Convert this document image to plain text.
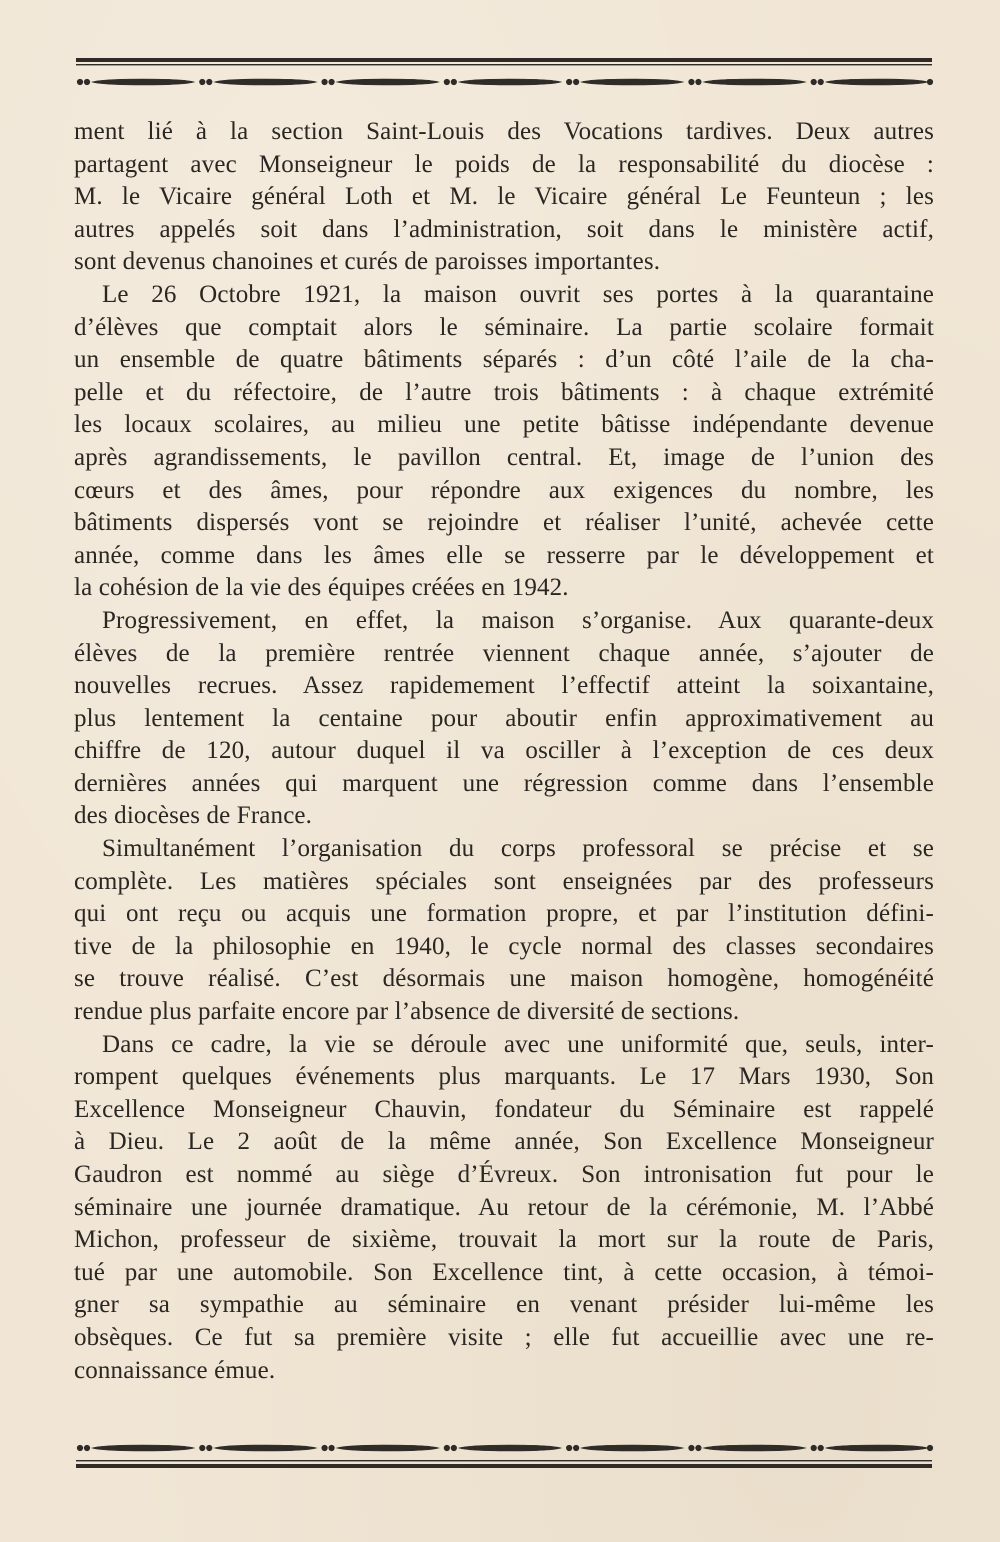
ment lié à la section Saint-Louis des Vocations tardives. Deux autres
partagent avec Monseigneur le poids de la responsabilité du diocèse :
M. le Vicaire général Loth et M. le Vicaire général Le Feunteun ; les
autres appelés soit dans l’administration, soit dans le ministère actif,
sont devenus chanoines et curés de paroisses importantes.
Le 26 Octobre 1921, la maison ouvrit ses portes à la quarantaine
d’élèves que comptait alors le séminaire. La partie scolaire formait
un ensemble de quatre bâtiments séparés : d’un côté l’aile de la cha-
pelle et du réfectoire, de l’autre trois bâtiments : à chaque extrémité
les locaux scolaires, au milieu une petite bâtisse indépendante devenue
après agrandissements, le pavillon central. Et, image de l’union des
cœurs et des âmes, pour répondre aux exigences du nombre, les
bâtiments dispersés vont se rejoindre et réaliser l’unité, achevée cette
année, comme dans les âmes elle se resserre par le développement et
la cohésion de la vie des équipes créées en 1942.
Progressivement, en effet, la maison s’organise. Aux quarante-deux
élèves de la première rentrée viennent chaque année, s’ajouter de
nouvelles recrues. Assez rapidemement l’effectif atteint la soixantaine,
plus lentement la centaine pour aboutir enfin approximativement au
chiffre de 120, autour duquel il va osciller à l’exception de ces deux
dernières années qui marquent une régression comme dans l’ensemble
des diocèses de France.
Simultanément l’organisation du corps professoral se précise et se
complète. Les matières spéciales sont enseignées par des professeurs
qui ont reçu ou acquis une formation propre, et par l’institution défini-
tive de la philosophie en 1940, le cycle normal des classes secondaires
se trouve réalisé. C’est désormais une maison homogène, homogénéité
rendue plus parfaite encore par l’absence de diversité de sections.
Dans ce cadre, la vie se déroule avec une uniformité que, seuls, inter-
rompent quelques événements plus marquants. Le 17 Mars 1930, Son
Excellence Monseigneur Chauvin, fondateur du Séminaire est rappelé
à Dieu. Le 2 août de la même année, Son Excellence Monseigneur
Gaudron est nommé au siège d’Évreux. Son intronisation fut pour le
séminaire une journée dramatique. Au retour de la cérémonie, M. l’Abbé
Michon, professeur de sixième, trouvait la mort sur la route de Paris,
tué par une automobile. Son Excellence tint, à cette occasion, à témoi-
gner sa sympathie au séminaire en venant présider lui-même les
obsèques. Ce fut sa première visite ; elle fut accueillie avec une re-
connaissance émue.
